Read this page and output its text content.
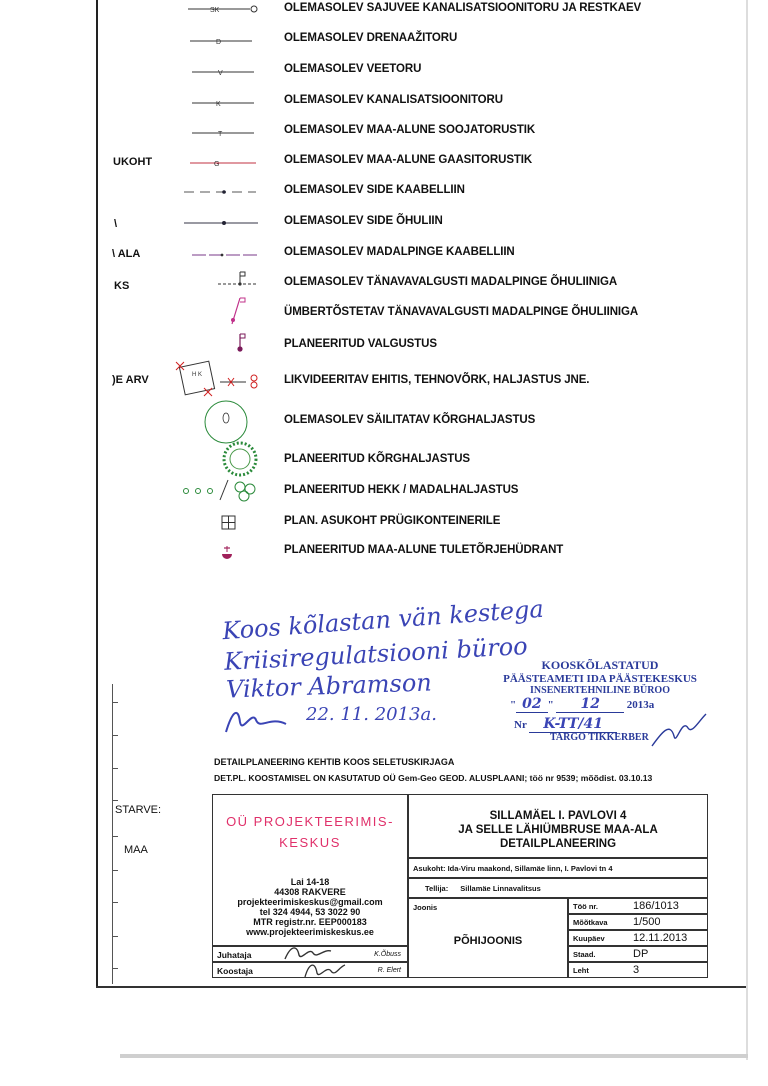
UKOHT
\
\ ALA
KS
)E ARV
STARVE:
MAA
SK	OLEMASOLEV SAJUVEE KANALISATSIOONITORU JA RESTKAEV
D	OLEMASOLEV DRENAAŽITORU
V	OLEMASOLEV VEETORU
K	OLEMASOLEV KANALISATSIOONITORU
T	OLEMASOLEV MAA-ALUNE SOOJATORUSTIK
G	OLEMASOLEV MAA-ALUNE GAASITORUSTIK
OLEMASOLEV SIDE KAABELLIIN
OLEMASOLEV SIDE ÕHULIIN
OLEMASOLEV MADALPINGE KAABELLIIN
OLEMASOLEV TÄNAVAVALGUSTI MADALPINGE ÕHULIINIGA
ÜMBERTÕSTETAV TÄNAVAVALGUSTI MADALPINGE ÕHULIINIGA
PLANEERITUD VALGUSTUS
H K	LIKVIDEERITAV EHITIS, TEHNOVÕRK, HALJASTUS JNE.
OLEMASOLEV SÄILITATAV KÕRGHALJASTUS
PLANEERITUD KÕRGHALJASTUS
PLANEERITUD HEKK / MADALHALJASTUS
PLAN. ASUKOHT PRÜGIKONTEINERILE
PLANEERITUD MAA-ALUNE TULETÕRJEHÜDRANT
Koos kõlastan vän kestega
Kriisiregulatsiooni büroo
Viktor Abramson
22. 11. 2013a.
KOOSKÕLASTATUD
PÄÄSTEAMETI IDA PÄÄSTEKESKUS
INSENERTEHNILINE BÜROO
" 02 " 12 2013a
Nr K-TT/41
TARGO TIKKERBER
DETAILPLANEERING KEHTIB KOOS SELETUSKIRJAGA
DET.PL. KOOSTAMISEL ON KASUTATUD OÜ Gem-Geo GEOD. ALUSPLAANI; töö nr 9539; mõõdist. 03.10.13
OÜ PROJEKTEERIMIS-
KESKUS
Lai 14-18
44308 RAKVERE
projekteerimiskeskus@gmail.com
tel 324 4944, 53 3022 90
MTR registr.nr. EEP000183
www.projekteerimiskeskus.ee
SILLAMÄEL I. PAVLOVI 4
JA SELLE LÄHIÜMBRUSE MAA-ALA
DETAILPLANEERING
Asukoht: Ida-Viru maakond, Sillamäe linn, I. Pavlovi tn 4
Tellija: Sillamäe Linnavalitsus
Joonis
PÕHIJOONIS
Töö nr.	186/1013
Mõõtkava 1/500
Kuupäev	12.11.2013
Staad.	DP
Leht	3
Juhataja	K.Õbuss
Koostaja	R. Elert
